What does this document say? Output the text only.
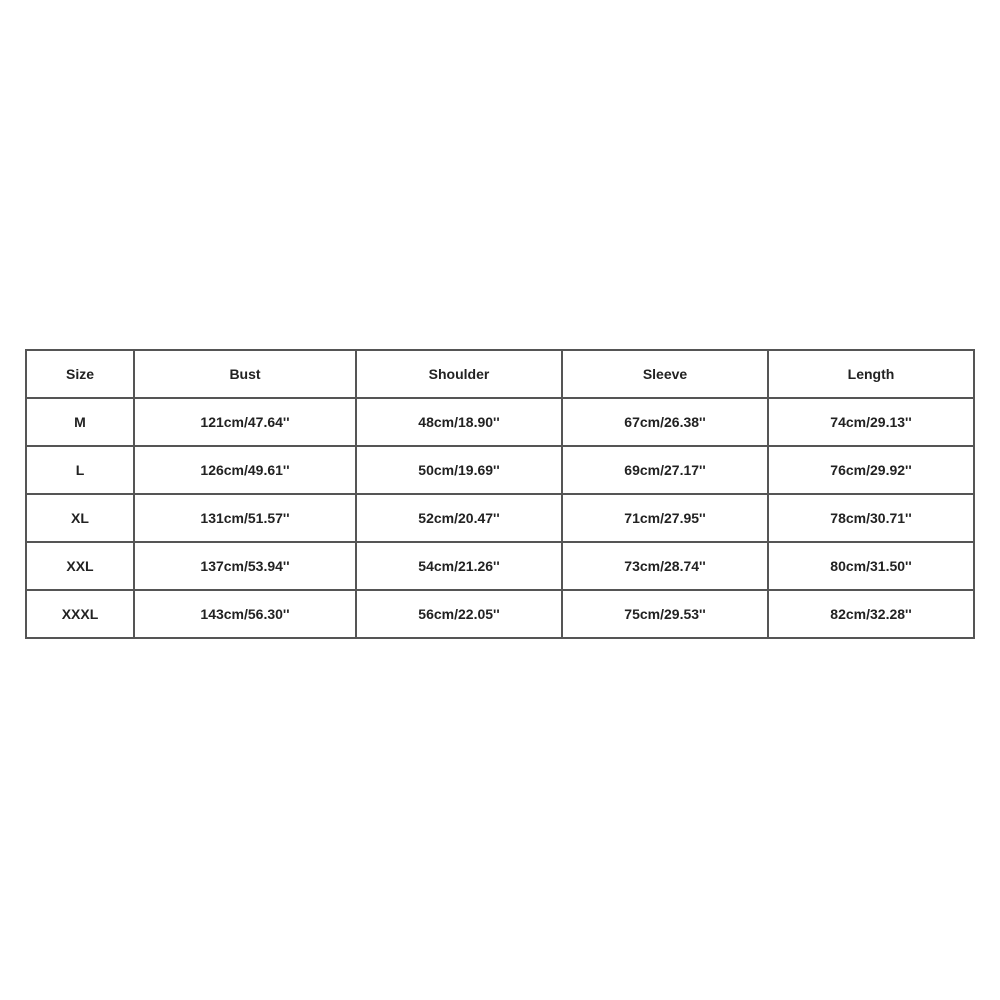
Size	Bust	Shoulder	Sleeve	Length
M	121cm/47.64''	48cm/18.90''	67cm/26.38''	74cm/29.13''
L	126cm/49.61''	50cm/19.69''	69cm/27.17''	76cm/29.92''
XL	131cm/51.57''	52cm/20.47''	71cm/27.95''	78cm/30.71''
XXL	137cm/53.94''	54cm/21.26''	73cm/28.74''	80cm/31.50''
XXXL	143cm/56.30''	56cm/22.05''	75cm/29.53''	82cm/32.28''
